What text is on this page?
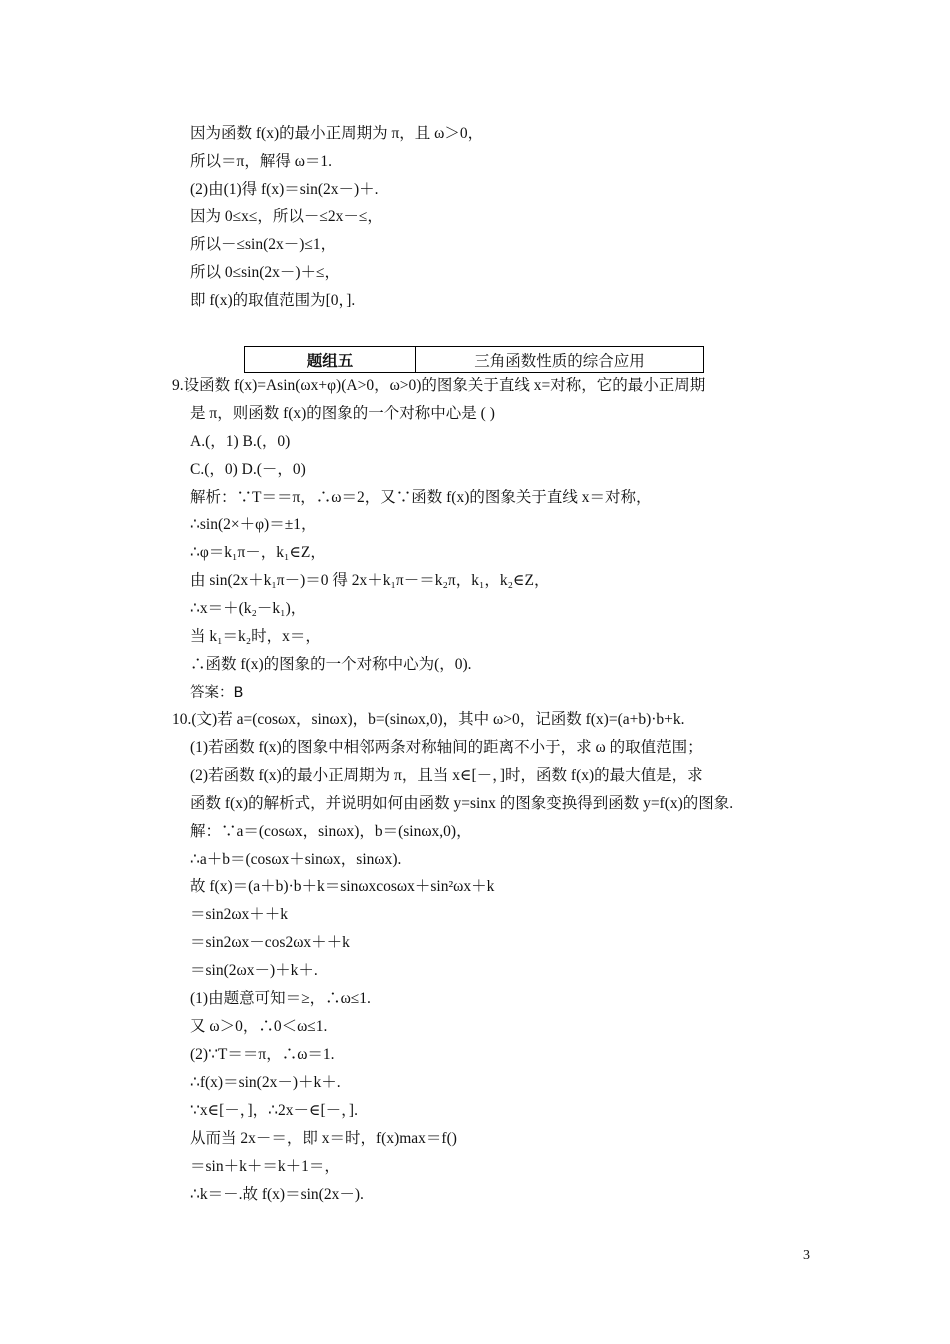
因为函数 f(x)的最小正周期为 π，且 ω＞0，
所以＝π，解得 ω＝1.
(2)由(1)得 f(x)＝sin(2x－)＋.
因为 0≤x≤，所以－≤2x－≤，
所以－≤sin(2x－)≤1，
所以 0≤sin(2x－)＋≤，
即 f(x)的取值范围为[0，].
题组五	三角函数性质的综合应用
9.设函数 f(x)=Asin(ωx+φ)(A>0，ω>0)的图象关于直线 x=对称，它的最小正周期
是 π，则函数 f(x)的图象的一个对称中心是 ( )
A.(，1) B.(，0)
C.(，0) D.(－，0)
解析：∵T＝＝π，∴ω＝2，又∵函数 f(x)的图象关于直线 x＝对称，
∴sin(2×＋φ)＝±1，
∴φ＝k₁π－，k₁∈Z，
由 sin(2x＋k₁π－)＝0 得 2x＋k₁π－＝k₂π，k₁，k₂∈Z，
∴x＝＋(k₂－k₁)，
当 k₁＝k₂时，x＝，
∴函数 f(x)的图象的一个对称中心为(，0).
答案：B
10.(文)若 a=(cosωx，sinωx)，b=(sinωx,0)，其中 ω>0，记函数 f(x)=(a+b)·b+k.
(1)若函数 f(x)的图象中相邻两条对称轴间的距离不小于，求 ω 的取值范围；
(2)若函数 f(x)的最小正周期为 π，且当 x∈[－，]时，函数 f(x)的最大值是，求
函数 f(x)的解析式，并说明如何由函数 y=sinx 的图象变换得到函数 y=f(x)的图象.
解：∵a＝(cosωx，sinωx)，b＝(sinωx,0)，
∴a＋b＝(cosωx＋sinωx，sinωx).
故 f(x)＝(a＋b)·b＋k＝sinωxcosωx＋sin²ωx＋k
＝sin2ωx＋＋k
＝sin2ωx－cos2ωx＋＋k
＝sin(2ωx－)＋k＋.
(1)由题意可知＝≥，∴ω≤1.
又 ω＞0，∴0＜ω≤1.
(2)∵T＝＝π，∴ω＝1.
∴f(x)＝sin(2x－)＋k＋.
∵x∈[－，]，∴2x－∈[－，].
从而当 2x－＝，即 x＝时，f(x)max＝f()
＝sin＋k＋＝k＋1＝，
∴k＝－.故 f(x)＝sin(2x－).
3
